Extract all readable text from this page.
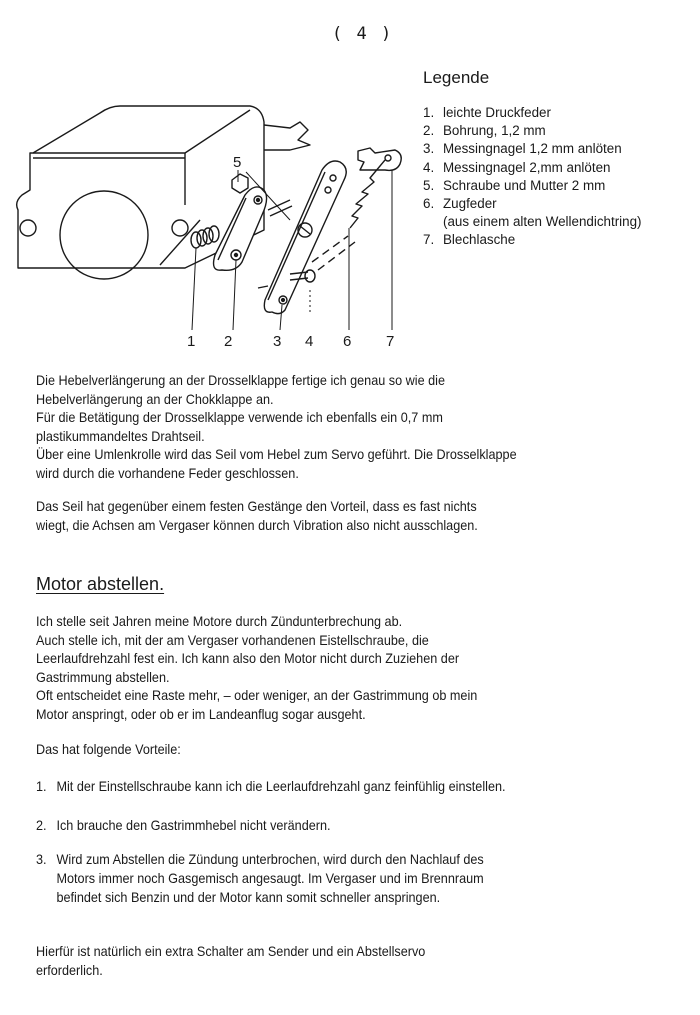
( 4 )
1 2	3 4
5
6 7
Legende
1. leichte Druckfeder
2. Bohrung, 1,2 mm
3. Messingnagel 1,2 mm anlöten
4. Messingnagel 2,mm anlöten
5. Schraube und Mutter 2 mm
6. Zugfeder
(aus einem alten Wellendichtring)
7. Blechlasche

Die Hebelverlängerung an der Drosselklappe fertige ich genau so wie die

Hebelverlängerung an der Chokklappe an.

Für die Betätigung der Drosselklappe verwende ich ebenfalls ein 0,7 mm

plastikummandeltes Drahtseil.

Über eine Umlenkrolle wird das Seil vom Hebel zum Servo geführt. Die Drosselklappe

wird durch die vorhandene Feder geschlossen.

Das Seil hat gegenüber einem festen Gestänge den Vorteil, dass es fast nichts

wiegt, die Achsen am Vergaser können durch Vibration also nicht ausschlagen.

Motor abstellen.

Ich stelle seit Jahren meine Motore durch Zündunterbrechung ab.

Auch stelle ich, mit der am Vergaser vorhandenen Eistellschraube, die

Leerlaufdrehzahl fest ein. Ich kann also den Motor nicht durch Zuziehen der

Gastrimmung abstellen.

Oft entscheidet eine Raste mehr, – oder weniger, an der Gastrimmung ob mein

Motor anspringt, oder ob er im Landeanflug sogar ausgeht.

Das hat folgende Vorteile:
1. Mit der Einstellschraube kann ich die Leerlaufdrehzahl ganz feinfühlig einstellen.
2. Ich brauche den Gastrimmhebel nicht verändern.
3. Wird zum Abstellen die Zündung unterbrochen, wird durch den Nachlauf des
Motors immer noch Gasgemisch angesaugt. Im Vergaser und im Brennraum
befindet sich Benzin und der Motor kann somit schneller anspringen.

Hierfür ist natürlich ein extra Schalter am Sender und ein Abstellservo

erforderlich.
